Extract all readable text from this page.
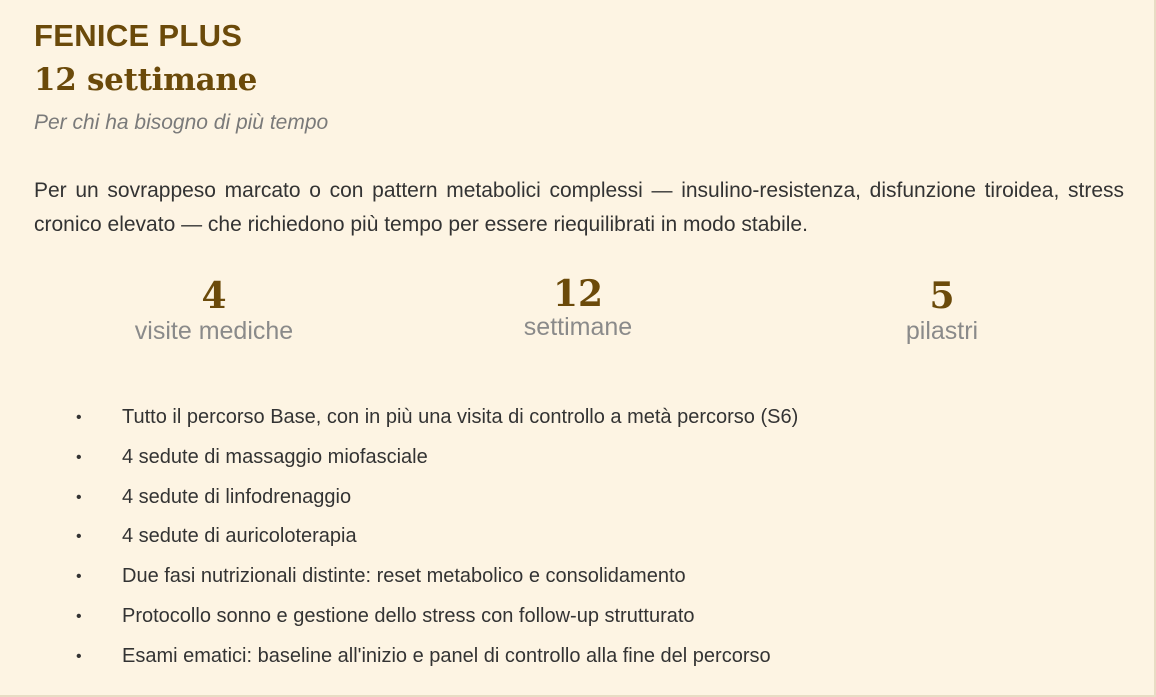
FENICE PLUS
12 settimane

Per chi ha bisogno di più tempo

Per un sovrappeso marcato o con pattern metabolici complessi — insulino-resistenza, disfunzione tiroidea, stress cronico elevato — che richiedono più tempo per essere riequilibrati in modo stabile.

4
visite mediche
12
settimane
5
pilastri
• Tutto il percorso Base, con in più una visita di controllo a metà percorso (S6)
• 4 sedute di massaggio miofasciale
• 4 sedute di linfodrenaggio
• 4 sedute di auricoloterapia
• Due fasi nutrizionali distinte: reset metabolico e consolidamento
• Protocollo sonno e gestione dello stress con follow-up strutturato
• Esami ematici: baseline all'inizio e panel di controllo alla fine del percorso
